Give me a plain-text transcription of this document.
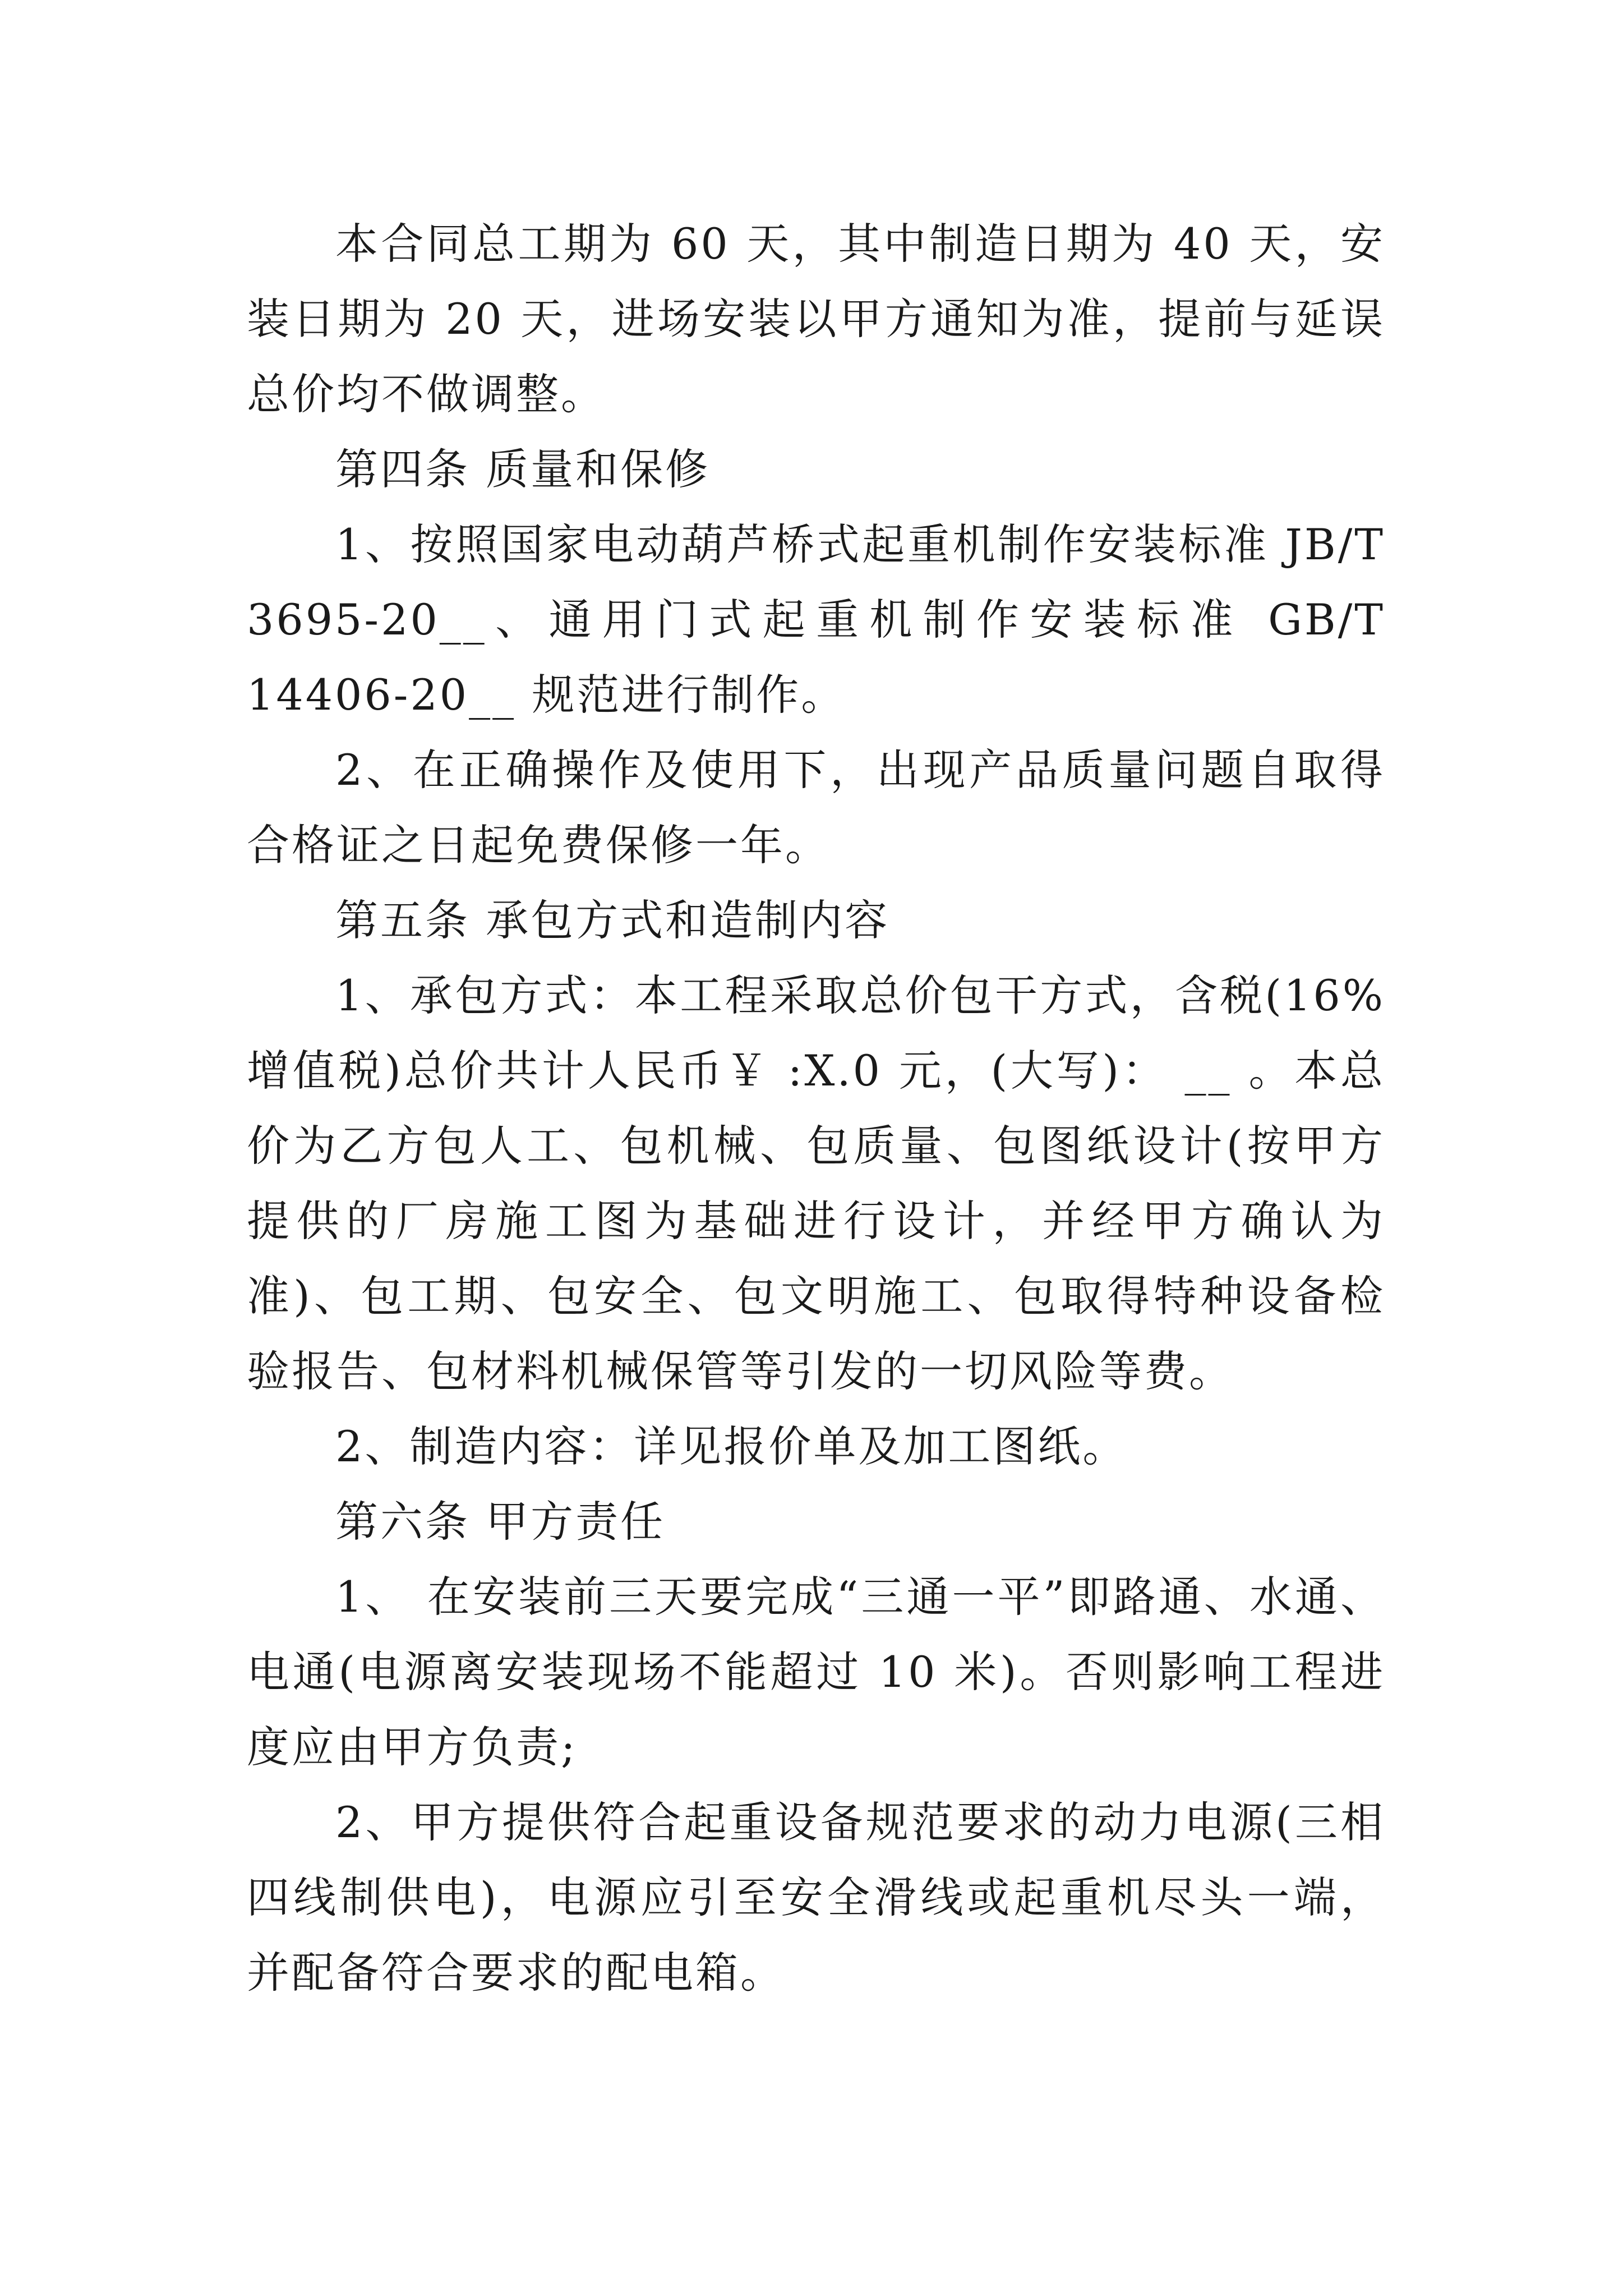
本合同总工期为 60 天，其中制造日期为 40 天，安装日期为 20 天，进场安装以甲方通知为准，提前与延误总价均不做调整。

第四条 质量和保修

1、按照国家电动葫芦桥式起重机制作安装标准 JB/T 3695-20__、通用门式起重机制作安装标准 GB/T 14406-20__ 规范进行制作。

2、在正确操作及使用下，出现产品质量问题自取得合格证之日起免费保修一年。

第五条 承包方式和造制内容

1、承包方式：本工程采取总价包干方式，含税(16%增值税)总价共计人民币￥ :X.0 元，(大写)： __ 。本总价为乙方包人工、包机械、包质量、包图纸设计(按甲方提供的厂房施工图为基础进行设计，并经甲方确认为准)、包工期、包安全、包文明施工、包取得特种设备检验报告、包材料机械保管等引发的一切风险等费。

2、制造内容：详见报价单及加工图纸。

第六条 甲方责任

1、 在安装前三天要完成“三通一平”即路通、水通、电通(电源离安装现场不能超过 10 米)。否则影响工程进度应由甲方负责;

2、甲方提供符合起重设备规范要求的动力电源(三相四线制供电)，电源应引至安全滑线或起重机尽头一端，并配备符合要求的配电箱。
